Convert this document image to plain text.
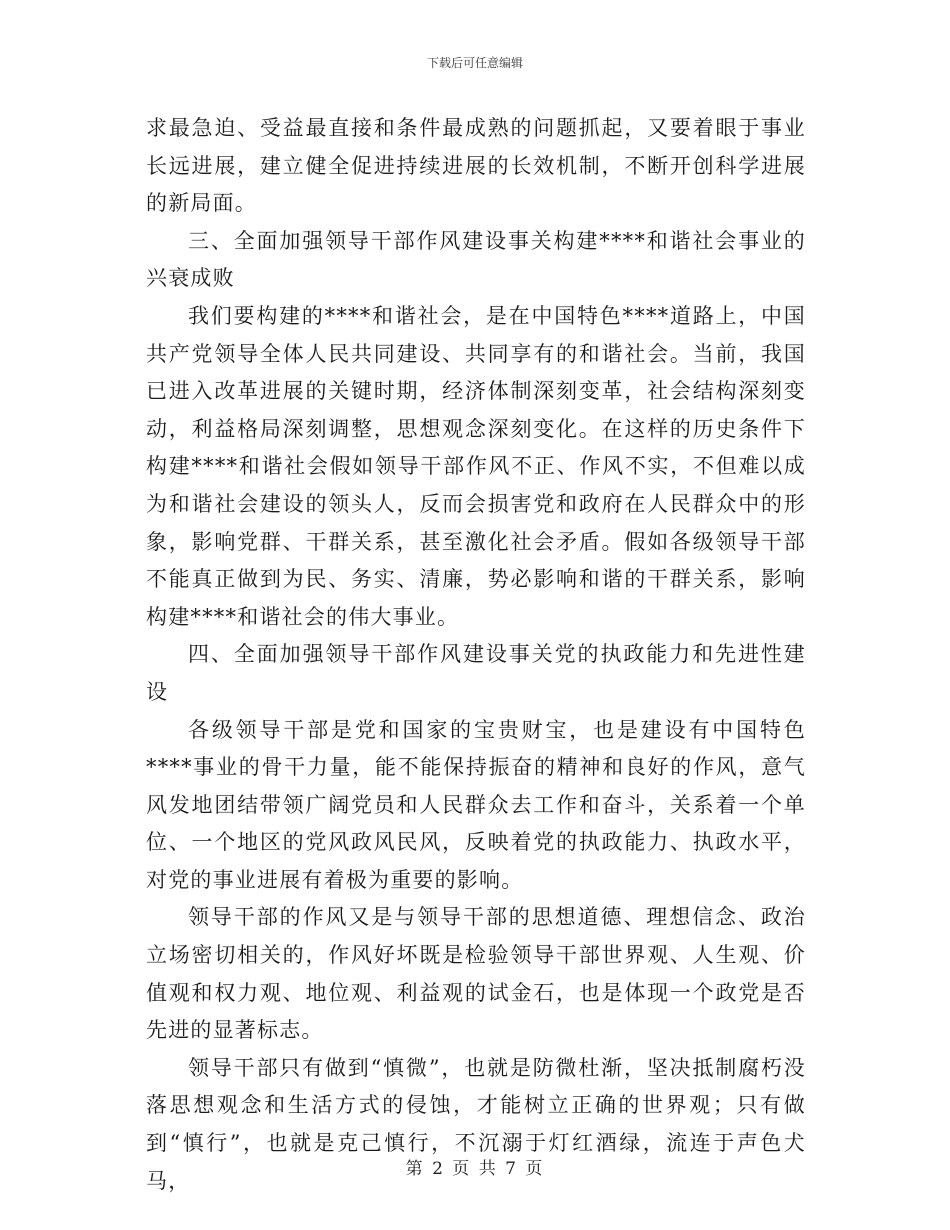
下载后可任意编辑

求最急迫、受益最直接和条件最成熟的问题抓起，又要着眼于事业长远进展，建立健全促进持续进展的长效机制，不断开创科学进展的新局面。

三、全面加强领导干部作风建设事关构建****和谐社会事业的兴衰成败

我们要构建的****和谐社会，是在中国特色****道路上，中国共产党领导全体人民共同建设、共同享有的和谐社会。当前，我国已进入改革进展的关键时期，经济体制深刻变革，社会结构深刻变动，利益格局深刻调整，思想观念深刻变化。在这样的历史条件下构建****和谐社会假如领导干部作风不正、作风不实，不但难以成为和谐社会建设的领头人，反而会损害党和政府在人民群众中的形象，影响党群、干群关系，甚至激化社会矛盾。假如各级领导干部不能真正做到为民、务实、清廉，势必影响和谐的干群关系，影响构建****和谐社会的伟大事业。

四、全面加强领导干部作风建设事关党的执政能力和先进性建设

各级领导干部是党和国家的宝贵财宝，也是建设有中国特色****事业的骨干力量，能不能保持振奋的精神和良好的作风，意气风发地团结带领广阔党员和人民群众去工作和奋斗，关系着一个单位、一个地区的党风政风民风，反映着党的执政能力、执政水平，对党的事业进展有着极为重要的影响。

领导干部的作风又是与领导干部的思想道德、理想信念、政治立场密切相关的，作风好坏既是检验领导干部世界观、人生观、价值观和权力观、地位观、利益观的试金石，也是体现一个政党是否先进的显著标志。

领导干部只有做到“慎微”，也就是防微杜渐，坚决抵制腐朽没落思想观念和生活方式的侵蚀，才能树立正确的世界观；只有做到“慎行”，也就是克己慎行，不沉溺于灯红酒绿，流连于声色犬马，	第 2 页 共 7 页
